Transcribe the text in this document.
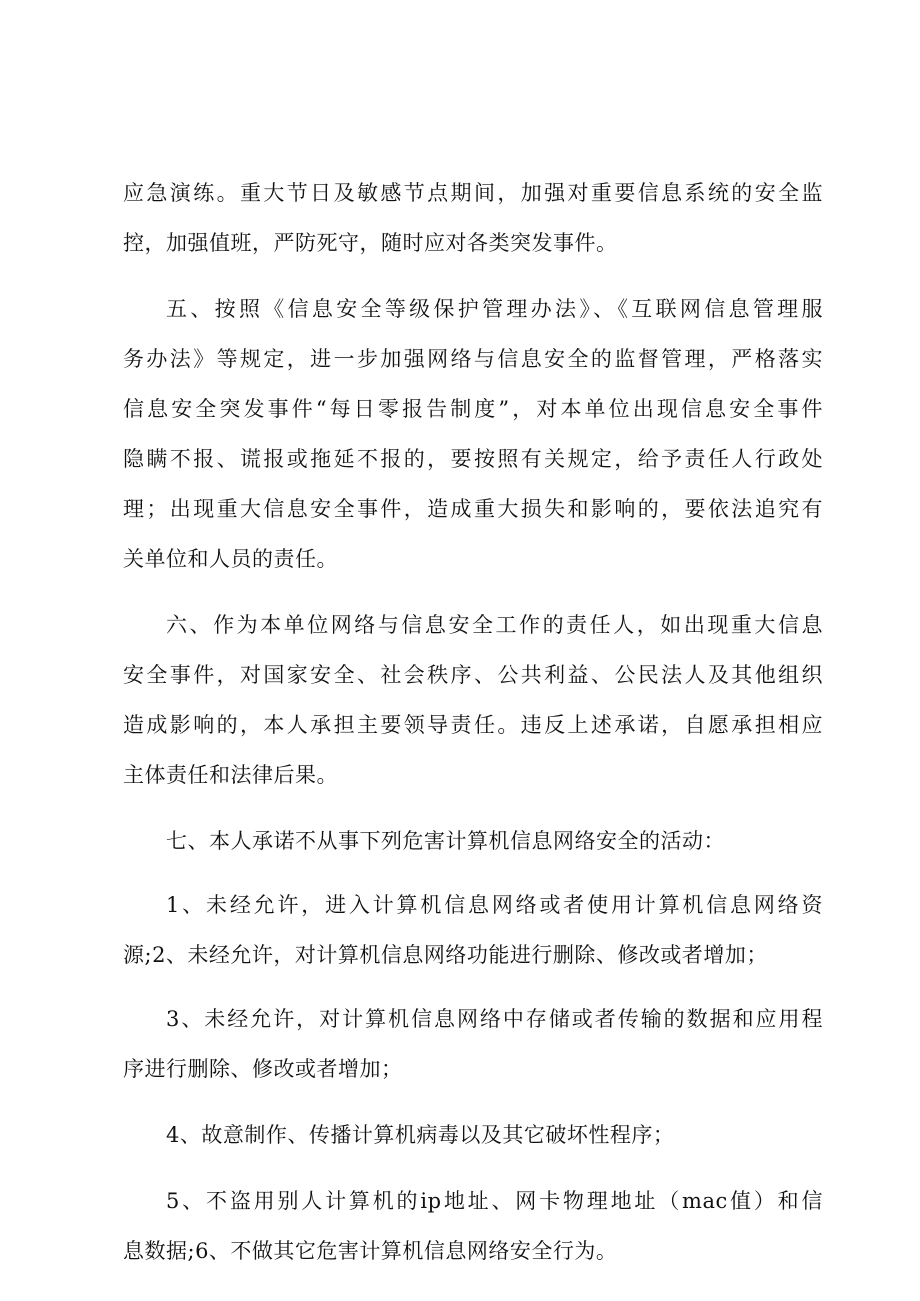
应急演练。重大节日及敏感节点期间，加强对重要信息系统的安全监
控，加强值班，严防死守，随时应对各类突发事件。
五、按照《信息安全等级保护管理办法》、《互联网信息管理服
务办法》等规定，进一步加强网络与信息安全的监督管理，严格落实
信息安全突发事件“每日零报告制度”，对本单位出现信息安全事件
隐瞒不报、谎报或拖延不报的，要按照有关规定，给予责任人行政处
理；出现重大信息安全事件，造成重大损失和影响的，要依法追究有
关单位和人员的责任。
六、作为本单位网络与信息安全工作的责任人，如出现重大信息
安全事件，对国家安全、社会秩序、公共利益、公民法人及其他组织
造成影响的，本人承担主要领导责任。违反上述承诺，自愿承担相应
主体责任和法律后果。
七、本人承诺不从事下列危害计算机信息网络安全的活动：
1、未经允许，进入计算机信息网络或者使用计算机信息网络资
源;2、未经允许，对计算机信息网络功能进行删除、修改或者增加；
3、未经允许，对计算机信息网络中存储或者传输的数据和应用程
序进行删除、修改或者增加；
4、故意制作、传播计算机病毒以及其它破坏性程序；
5、不盗用别人计算机的ip地址、网卡物理地址（mac值）和信
息数据;6、不做其它危害计算机信息网络安全行为。
